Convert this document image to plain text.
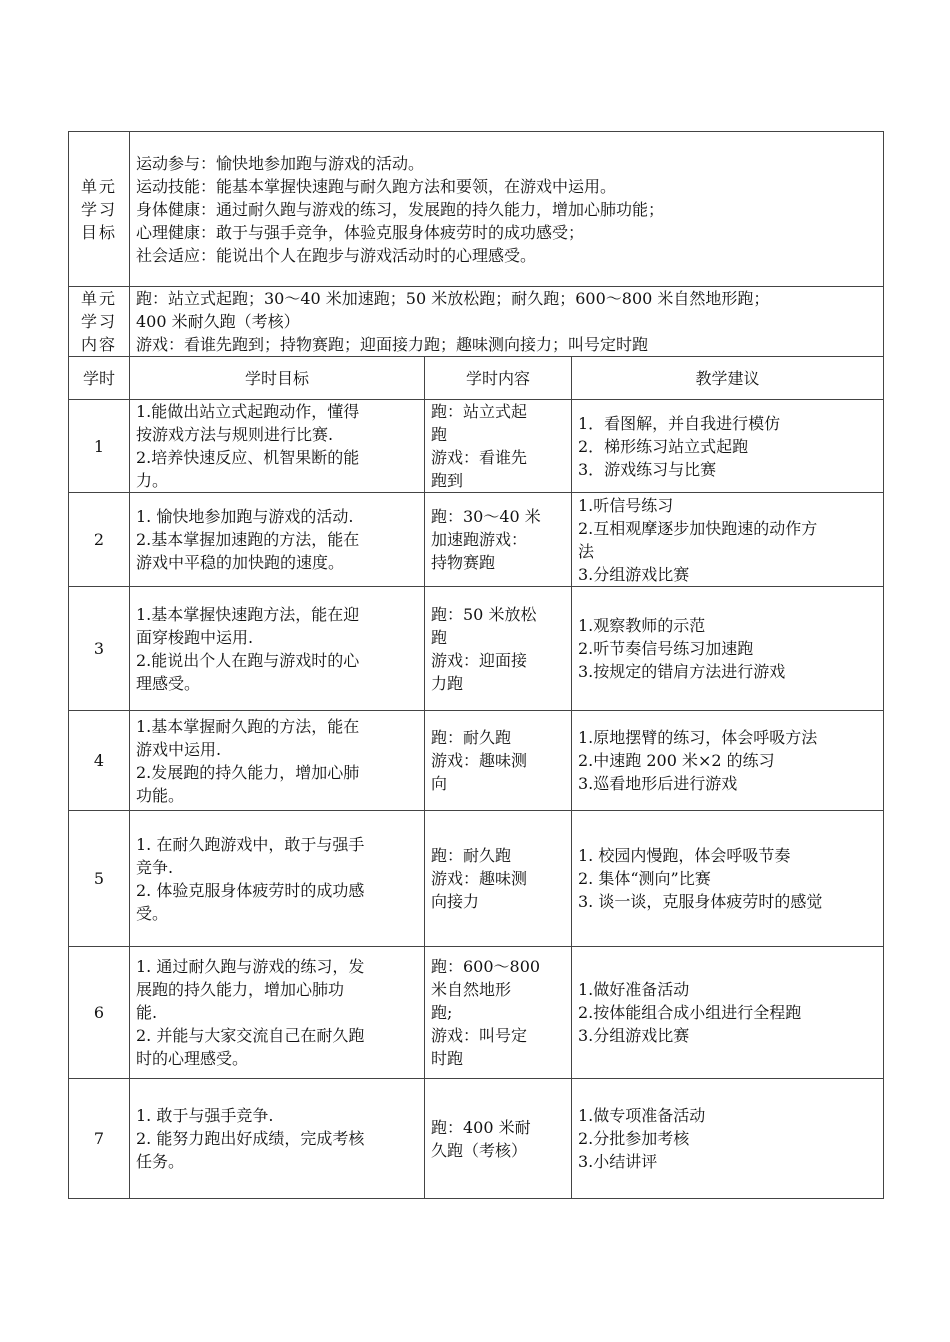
单元
学习
目标	运动参与：愉快地参加跑与游戏的活动。
运动技能：能基本掌握快速跑与耐久跑方法和要领，在游戏中运用。
身体健康：通过耐久跑与游戏的练习，发展跑的持久能力，增加心肺功能；
心理健康：敢于与强手竞争，体验克服身体疲劳时的成功感受；
社会适应：能说出个人在跑步与游戏活动时的心理感受。		

单元
学习
内容	跑：站立式起跑；30～40 米加速跑；50 米放松跑；耐久跑；600～800 米自然地形跑；
400 米耐久跑（考核）
游戏：看谁先跑到；持物赛跑；迎面接力跑；趣味测向接力；叫号定时跑		

学时	学时目标	学时内容	教学建议
1	1.能做出站立式起跑动作，懂得
按游戏方法与规则进行比赛.
2.培养快速反应、机智果断的能
力。	跑：站立式起
跑
游戏：看谁先
跑到	1．看图解，并自我进行模仿
2．梯形练习站立式起跑
3．游戏练习与比赛

2	1. 愉快地参加跑与游戏的活动.
2.基本掌握加速跑的方法，能在
游戏中平稳的加快跑的速度。	跑：30～40 米
加速跑游戏：
持物赛跑	1.听信号练习
2.互相观摩逐步加快跑速的动作方
法
3.分组游戏比赛

3	1.基本掌握快速跑方法，能在迎
面穿梭跑中运用.
2.能说出个人在跑与游戏时的心
理感受。	跑：50 米放松
跑
游戏：迎面接
力跑	1.观察教师的示范
2.听节奏信号练习加速跑
3.按规定的错肩方法进行游戏

4	1.基本掌握耐久跑的方法，能在
游戏中运用.
2.发展跑的持久能力，增加心肺
功能。	跑：耐久跑
游戏：趣味测
向	1.原地摆臂的练习，体会呼吸方法
2.中速跑 200 米×2 的练习
3.巡看地形后进行游戏

5	1. 在耐久跑游戏中，敢于与强手
竞争.
2. 体验克服身体疲劳时的成功感
受。	跑：耐久跑
游戏：趣味测
向接力	1. 校园内慢跑，体会呼吸节奏
2. 集体“测向”比赛
3. 谈一谈，克服身体疲劳时的感觉

6	1. 通过耐久跑与游戏的练习，发
展跑的持久能力，增加心肺功
能.
2. 并能与大家交流自己在耐久跑
时的心理感受。	跑：600～800
米自然地形
跑;
游戏：叫号定
时跑	1.做好准备活动
2.按体能组合成小组进行全程跑
3.分组游戏比赛

7	1. 敢于与强手竞争.
2. 能努力跑出好成绩，完成考核
任务。	跑：400 米耐
久跑（考核）	1.做专项准备活动
2.分批参加考核
3.小结讲评
